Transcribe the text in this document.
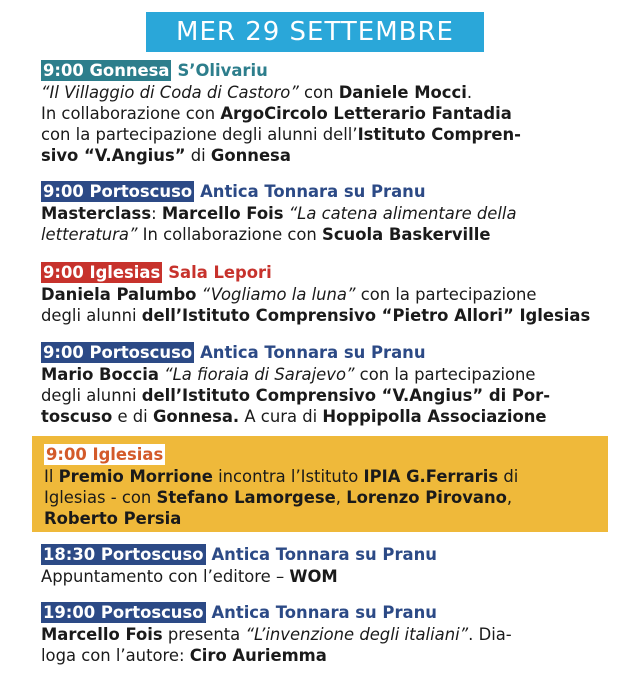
MER 29 SETTEMBRE
9:00 Gonnesa S’Olivariu

“Il Villaggio di Coda di Castoro” con Daniele Mocci.

In collaborazione con ArgoCircolo Letterario Fantadia

con la partecipazione degli alunni dell’Istituto Compren-

sivo “V.Angius” di Gonnesa

9:00 Portoscuso Antica Tonnara su Pranu

Masterclass: Marcello Fois “La catena alimentare della

letteratura” In collaborazione con Scuola Baskerville

9:00 Iglesias Sala Lepori

Daniela Palumbo “Vogliamo la luna” con la partecipazione

degli alunni dell’Istituto Comprensivo “Pietro Allori” Iglesias

9:00 Portoscuso Antica Tonnara su Pranu

Mario Boccia “La fioraia di Sarajevo” con la partecipazione

degli alunni dell’Istituto Comprensivo “V.Angius” di Por-

toscuso e di Gonnesa. A cura di Hoppipolla Associazione

9:00 Iglesias

Il Premio Morrione incontra l’Istituto IPIA G.Ferraris di

Iglesias - con Stefano Lamorgese, Lorenzo Pirovano,

Roberto Persia

18:30 Portoscuso Antica Tonnara su Pranu

Appuntamento con l’editore – WOM

19:00 Portoscuso Antica Tonnara su Pranu

Marcello Fois presenta “L’invenzione degli italiani”. Dia-

loga con l’autore: Ciro Auriemma
